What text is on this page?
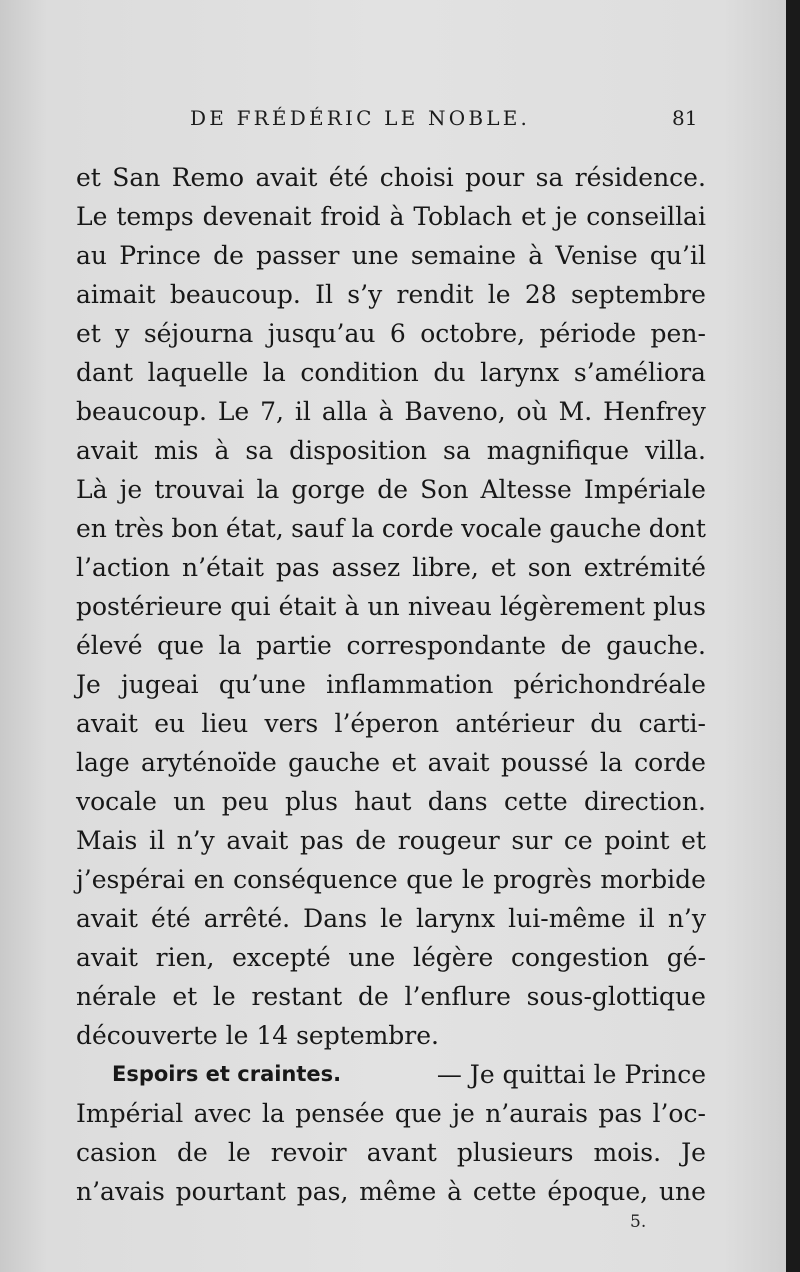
DE FRÉDÉRIC LE NOBLE.	81
et San Remo avait été choisi pour sa résidence.
Le temps devenait froid à Toblach et je conseillai
au Prince de passer une semaine à Venise qu’il
aimait beaucoup. Il s’y rendit le 28 septembre
et y séjourna jusqu’au 6 octobre, période pen-
dant laquelle la condition du larynx s’améliora
beaucoup. Le 7, il alla à Baveno, où M. Henfrey
avait mis à sa disposition sa magnifique villa.
Là je trouvai la gorge de Son Altesse Impériale
en très bon état, sauf la corde vocale gauche dont
l’action n’était pas assez libre, et son extrémité
postérieure qui était à un niveau légèrement plus
élevé que la partie correspondante de gauche.
Je jugeai qu’une inflammation périchondréale
avait eu lieu vers l’éperon antérieur du carti-
lage aryténoïde gauche et avait poussé la corde
vocale un peu plus haut dans cette direction.
Mais il n’y avait pas de rougeur sur ce point et
j’espérai en conséquence que le progrès morbide
avait été arrêté. Dans le larynx lui-même il n’y
avait rien, excepté une légère congestion gé-
nérale et le restant de l’enflure sous-glottique
découverte le 14 septembre.
Espoirs et craintes.	— Je quittai le Prince
Impérial avec la pensée que je n’aurais pas l’oc-
casion de le revoir avant plusieurs mois. Je
n’avais pourtant pas, même à cette époque, une
5.
